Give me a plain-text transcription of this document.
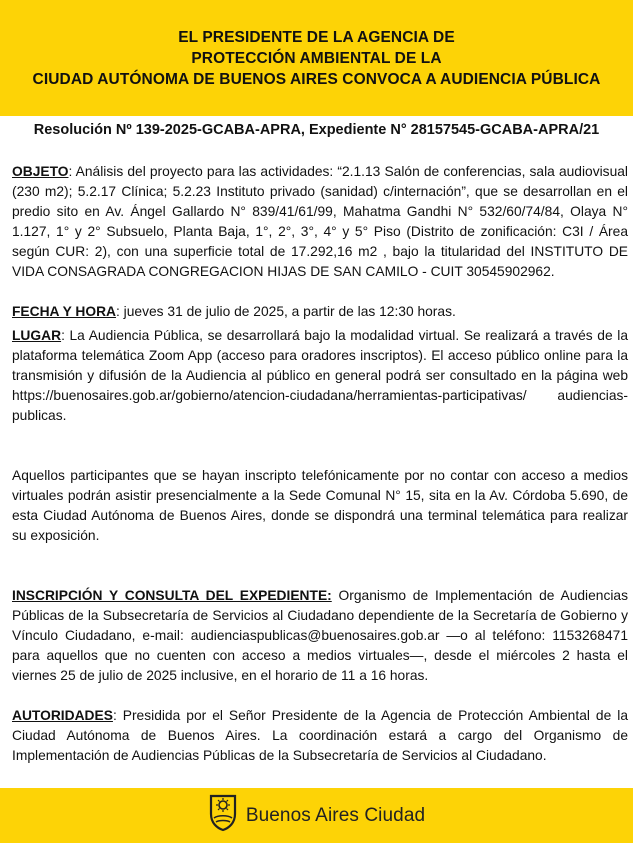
EL PRESIDENTE DE LA AGENCIA DE
PROTECCIÓN AMBIENTAL DE LA
CIUDAD AUTÓNOMA DE BUENOS AIRES CONVOCA A AUDIENCIA PÚBLICA
Resolución Nº 139-2025-GCABA-APRA, Expediente N° 28157545-GCABA-APRA/21

OBJETO: Análisis del proyecto para las actividades: “2.1.13 Salón de conferencias, sala audiovisual (230 m2); 5.2.17 Clínica; 5.2.23 Instituto privado (sanidad) c/internación”, que se desarrollan en el predio sito en Av. Ángel Gallardo N° 839/41/61/99, Mahatma Gandhi N° 532/60/74/84, Olaya N° 1.127, 1° y 2° Subsuelo, Planta Baja, 1°, 2°, 3°, 4° y 5° Piso (Distrito de zonificación: C3I / Área según CUR: 2), con una superficie total de 17.292,16 m2 , bajo la titularidad del INSTITUTO DE VIDA CONSAGRADA CONGREGACION HIJAS DE SAN CAMILO - CUIT 30545902962.

FECHA Y HORA: jueves 31 de julio de 2025, a partir de las 12:30 horas.

LUGAR: La Audiencia Pública, se desarrollará bajo la modalidad virtual. Se realizará a través de la plataforma telemática Zoom App (acceso para oradores inscriptos). El acceso público online para la transmisión y difusión de la Audiencia al público en general podrá ser consultado en la página web https://buenosaires.gob.ar/gobierno/atencion-ciudadana/herramientas-participativas/ audiencias-publicas.

Aquellos participantes que se hayan inscripto telefónicamente por no contar con acceso a medios virtuales podrán asistir presencialmente a la Sede Comunal N° 15, sita en la Av. Córdoba 5.690, de esta Ciudad Autónoma de Buenos Aires, donde se dispondrá una terminal telemática para realizar su exposición.

INSCRIPCIÓN Y CONSULTA DEL EXPEDIENTE: Organismo de Implementación de Audiencias Públicas de la Subsecretaría de Servicios al Ciudadano dependiente de la Secretaría de Gobierno y Vínculo Ciudadano, e-mail: audienciaspublicas@buenosaires.gob.ar —o al teléfono: 1153268471 para aquellos que no cuenten con acceso a medios virtuales—, desde el miércoles 2 hasta el viernes 25 de julio de 2025 inclusive, en el horario de 11 a 16 horas.

AUTORIDADES: Presidida por el Señor Presidente de la Agencia de Protección Ambiental de la Ciudad Autónoma de Buenos Aires. La coordinación estará a cargo del Organismo de Implementación de Audiencias Públicas de la Subsecretaría de Servicios al Ciudadano.

Buenos Aires Ciudad
